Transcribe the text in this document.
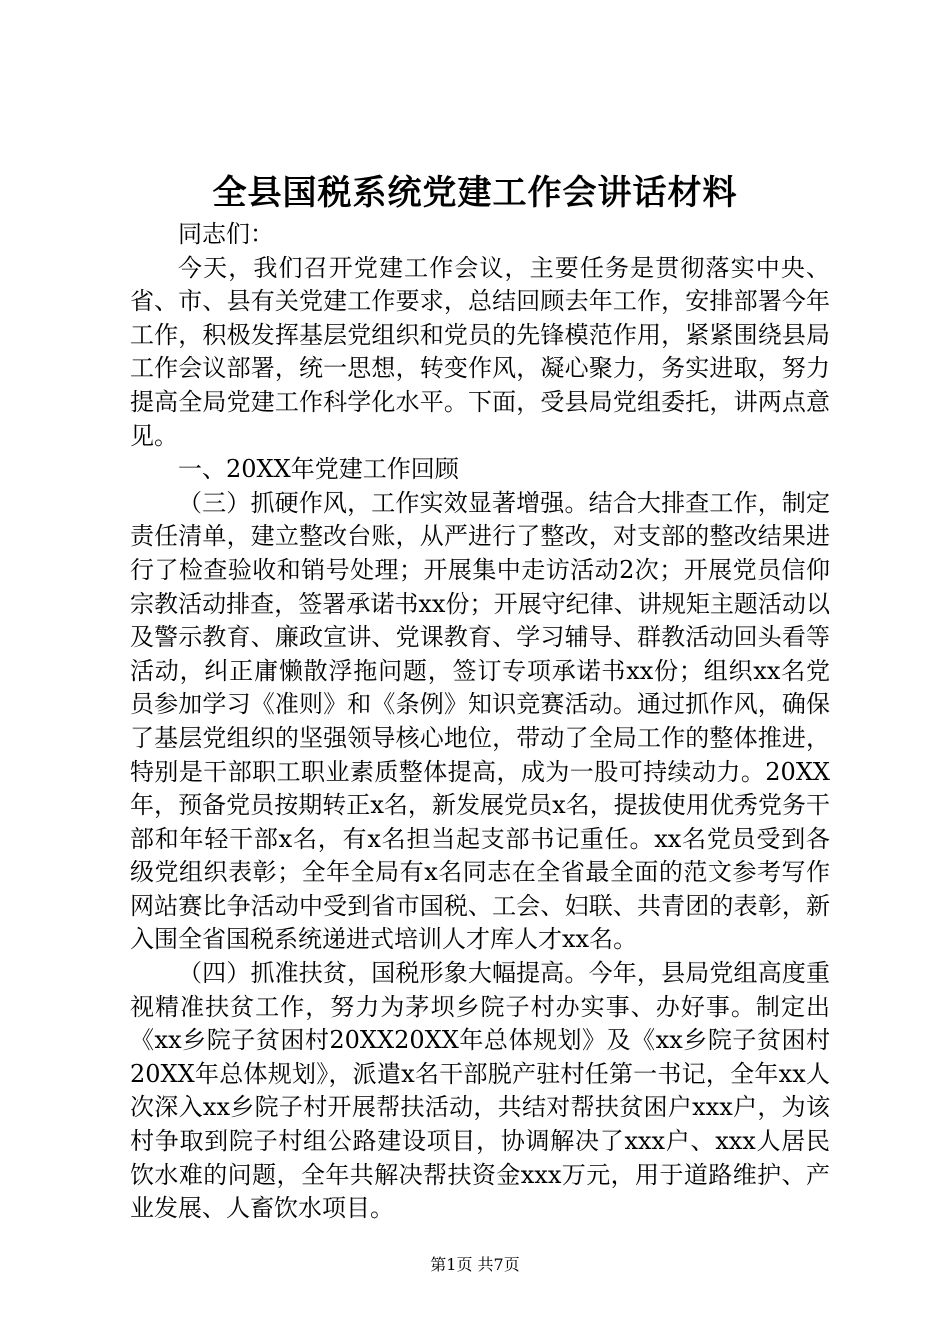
全县国税系统党建工作会讲话材料

同志们：

今天，我们召开党建工作会议，主要任务是贯彻落实中央、省、市、县有关党建工作要求，总结回顾去年工作，安排部署今年工作，积极发挥基层党组织和党员的先锋模范作用，紧紧围绕县局工作会议部署，统一思想，转变作风，凝心聚力，务实进取，努力提高全局党建工作科学化水平。下面，受县局党组委托，讲两点意见。

一、20XX年党建工作回顾

（三）抓硬作风，工作实效显著增强。结合大排查工作，制定责任清单，建立整改台账，从严进行了整改，对支部的整改结果进行了检查验收和销号处理；开展集中走访活动2次；开展党员信仰宗教活动排查，签署承诺书xx份；开展守纪律、讲规矩主题活动以及警示教育、廉政宣讲、党课教育、学习辅导、群教活动回头看等活动，纠正庸懒散浮拖问题，签订专项承诺书xx份；组织xx名党员参加学习《准则》和《条例》知识竞赛活动。通过抓作风，确保了基层党组织的坚强领导核心地位，带动了全局工作的整体推进，特别是干部职工职业素质整体提高，成为一股可持续动力。20XX年，预备党员按期转正x名，新发展党员x名，提拔使用优秀党务干部和年轻干部x名，有x名担当起支部书记重任。xx名党员受到各级党组织表彰；全年全局有x名同志在全省最全面的范文参考写作网站赛比争活动中受到省市国税、工会、妇联、共青团的表彰，新入围全省国税系统递进式培训人才库人才xx名。

（四）抓准扶贫，国税形象大幅提高。今年，县局党组高度重视精准扶贫工作，努力为茅坝乡院子村办实事、办好事。制定出《xx乡院子贫困村20XX20XX年总体规划》及《xx乡院子贫困村20XX年总体规划》，派遣x名干部脱产驻村任第一书记，全年xx人次深入xx乡院子村开展帮扶活动，共结对帮扶贫困户xxx户，为该村争取到院子村组公路建设项目，协调解决了xxx户、xxx人居民饮水难的问题，全年共解决帮扶资金xxx万元，用于道路维护、产业发展、人畜饮水项目。

第1页 共7页
